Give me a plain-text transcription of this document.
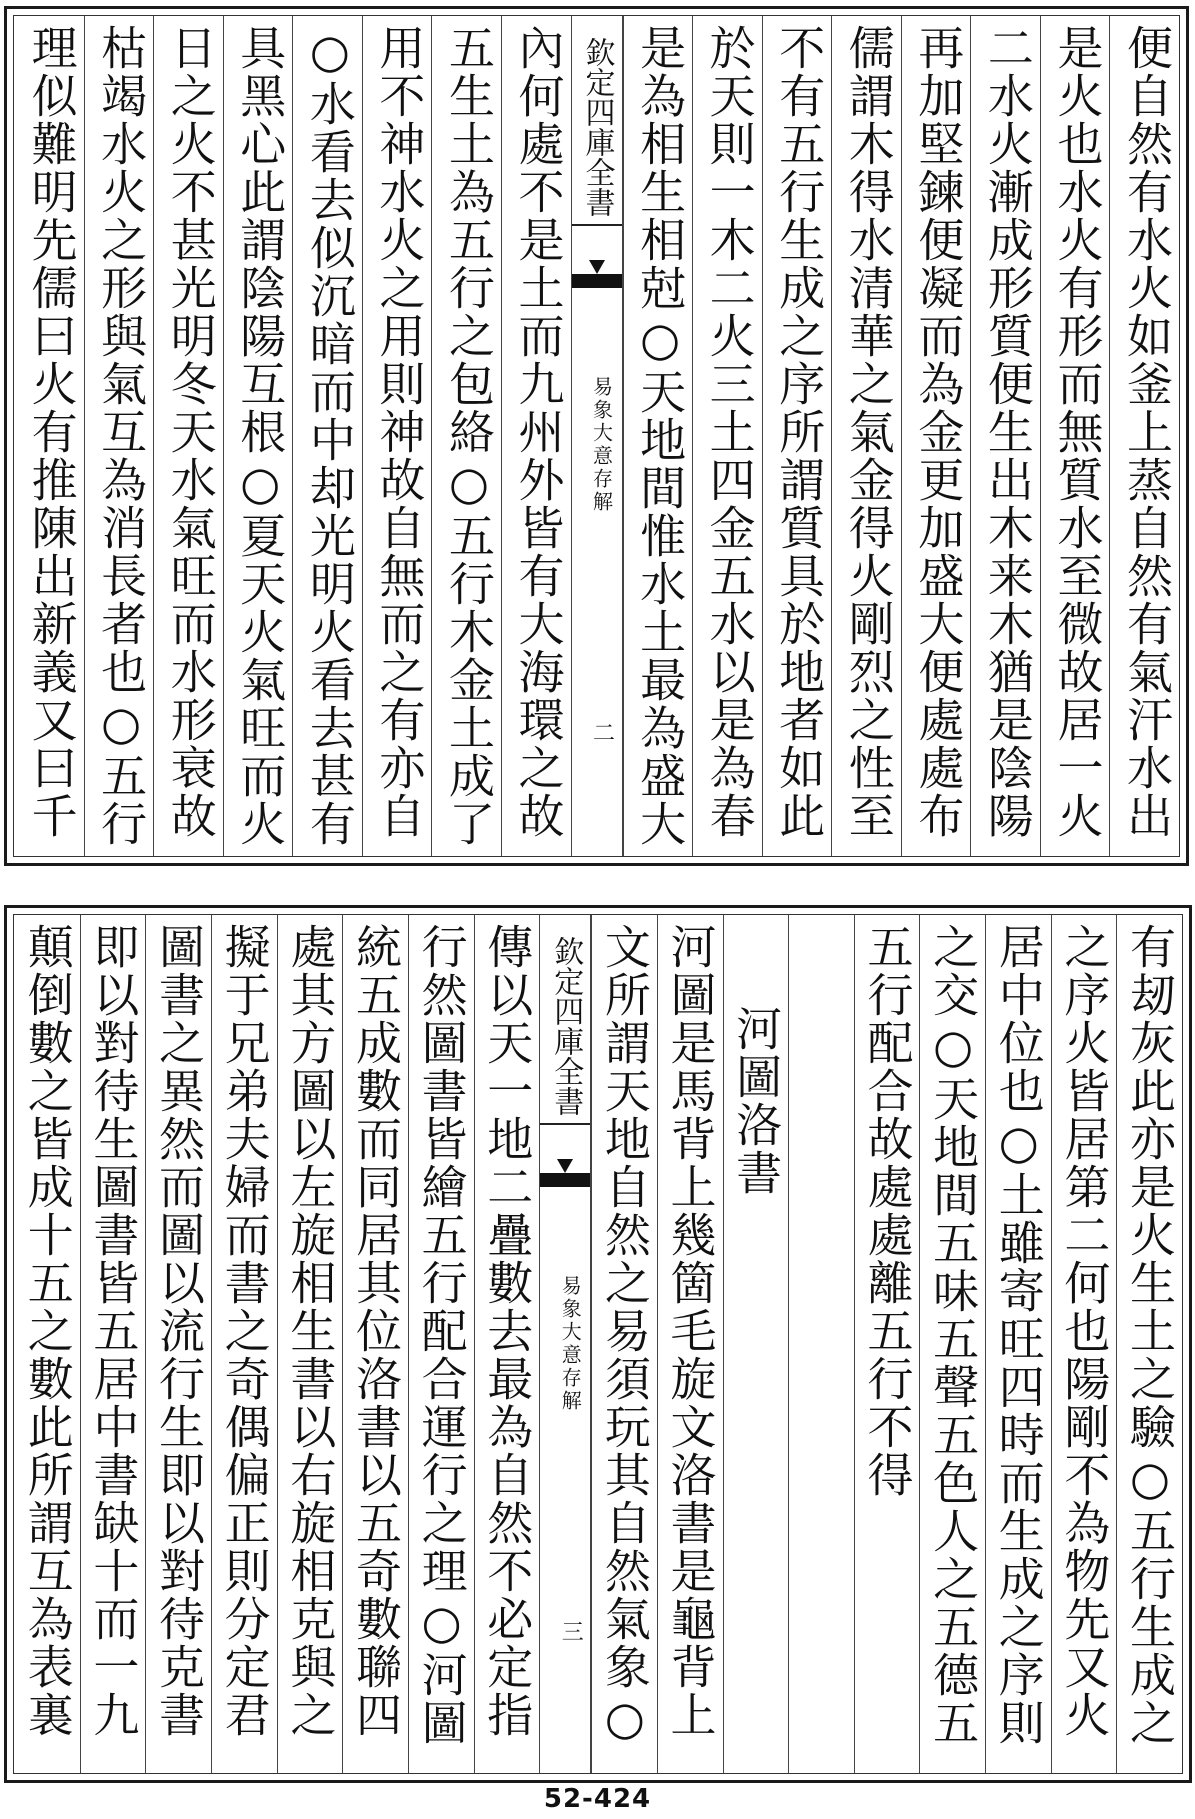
便自然有水火如釜上蒸自然有氣汗水出
是火也水火有形而無質水至微故居一火
二水火漸成形質便生出木来木猶是陰陽
再加堅鍊便凝而為金更加盛大便處處布
儒謂木得水清華之氣金得火剛烈之性至
不有五行生成之序所謂質具於地者如此
於天則一木二火三土四金五水以是為春
是為相生相尅○天地間惟水土最為盛大
欽定四庫全書
易象大意存解
二
內何處不是土而九州外皆有大海環之故
五生土為五行之包絡○五行木金土成了
用不神水火之用則神故自無而之有亦自
○水看去似沉暗而中却光明火看去甚有
具黑心此謂陰陽互根○夏天火氣旺而火
日之火不甚光明冬天水氣旺而水形衰故
枯竭水火之形與氣互為消長者也○五行
理似難明先儒曰火有推陳出新義又曰千
有刼灰此亦是火生土之驗○五行生成之
之序火皆居第二何也陽剛不為物先又火
居中位也○土雖寄旺四時而生成之序則
之交○天地間五味五聲五色人之五德五
五行配合故處處離五行不得
河圖洛書
河圖是馬背上幾箇毛旋文洛書是龜背上
文所謂天地自然之易須玩其自然氣象○
欽定四庫全書
易象大意存解
三
傳以天一地二疊數去最為自然不必定指
行然圖書皆繪五行配合運行之理○河圖
統五成數而同居其位洛書以五奇數聯四
處其方圖以左旋相生書以右旋相克與之
擬于兄弟夫婦而書之奇偶偏正則分定君
圖書之異然而圖以流行生即以對待克書
即以對待生圖書皆五居中書缺十而一九
顛倒數之皆成十五之數此所謂互為表裏
52-424
